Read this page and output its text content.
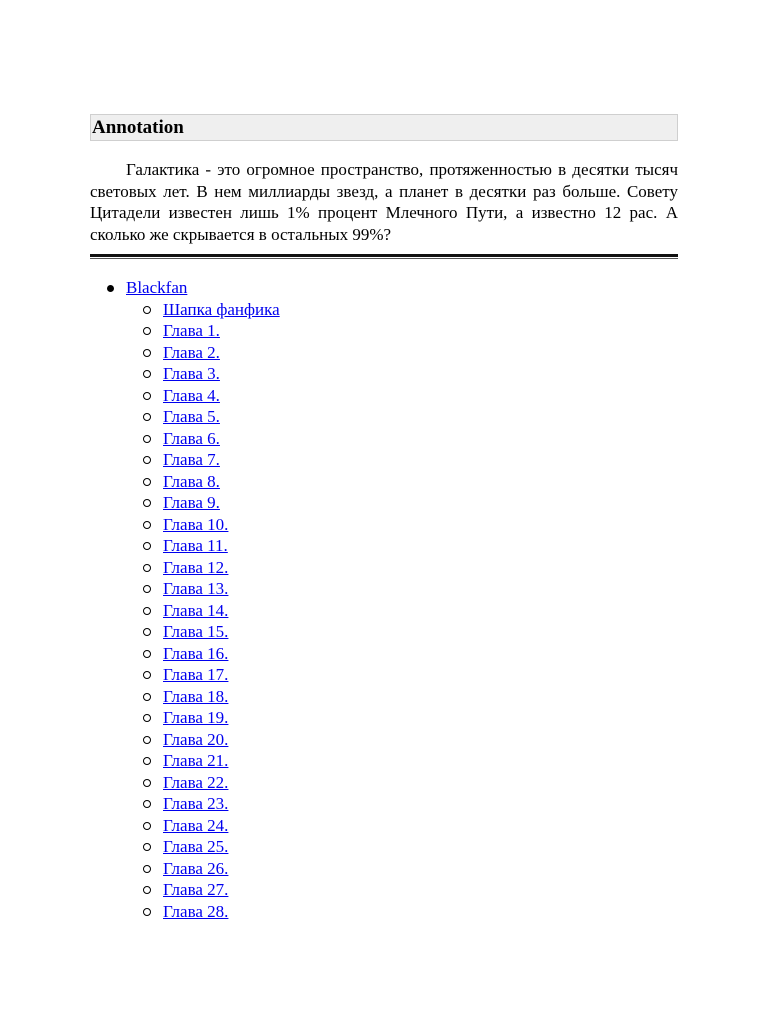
Annotation

Галактика - это огромное пространство, протяженностью в десятки тысяч световых лет. В нем миллиарды звезд, а планет в десятки раз больше. Совету Цитадели известен лишь 1% процент Млечного Пути, а известно 12 рас. А сколько же скрывается в остальных 99%?

Blackfan
Шапка фанфика
Глава 1.
Глава 2.
Глава 3.
Глава 4.
Глава 5.
Глава 6.
Глава 7.
Глава 8.
Глава 9.
Глава 10.
Глава 11.
Глава 12.
Глава 13.
Глава 14.
Глава 15.
Глава 16.
Глава 17.
Глава 18.
Глава 19.
Глава 20.
Глава 21.
Глава 22.
Глава 23.
Глава 24.
Глава 25.
Глава 26.
Глава 27.
Глава 28.
